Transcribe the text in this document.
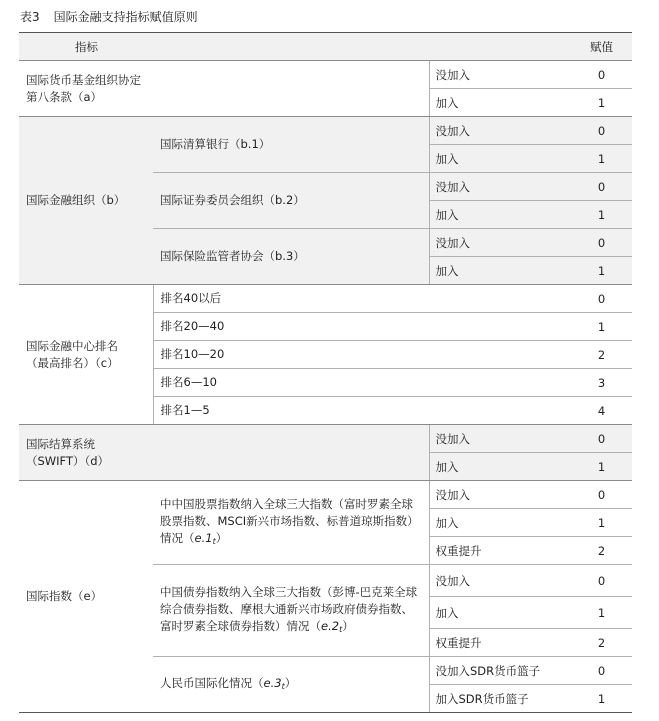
表3 国际金融支持指标赋值原则
指标			赋值
国际货币基金组织协定
第八条款（a）		没加入	0
		加入	1
国际金融组织（b）	国际清算银行（b.1）	没加入	0
		加入	1
	国际证券委员会组织（b.2）	没加入	0
		加入	1
	国际保险监管者协会（b.3）	没加入	0
		加入	1
国际金融中心排名
（最高排名）（c）	排名40以后		0
	排名20—40		1
	排名10—20		2
	排名6—10		3
	排名1—5		4
国际结算系统
（SWIFT）（d）		没加入	0
		加入	1
国际指数（e）	中中国股票指数纳入全球三大指数（富时罗素全球股票指数、MSCI新兴市场指数、标普道琼斯指数）情况$(e.1_t)$	没加入	0
		加入	1
		权重提升	2
	中国债券指数纳入全球三大指数（彭博-巴克莱全球综合债券指数、摩根大通新兴市场政府债券指数、富时罗素全球债券指数）情况$(e.2_t)$	没加入	0
		加入	1
		权重提升	2
	人民币国际化情况$(e.3_t)$	没加入SDR货币篮子	0
		加入SDR货币篮子	1
